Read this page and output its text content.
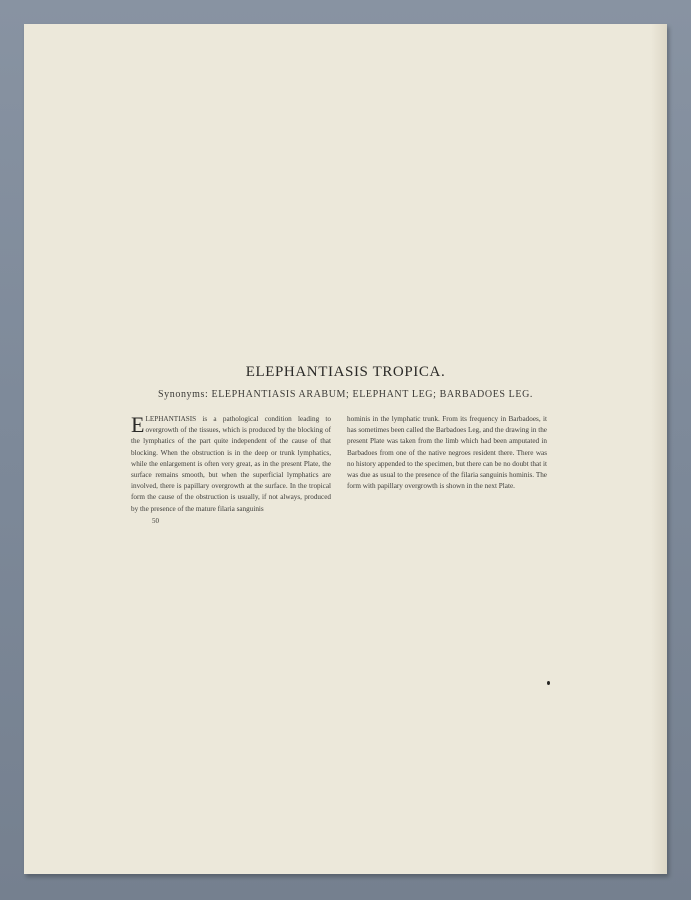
ELEPHANTIASIS TROPICA.
Synonyms: ELEPHANTIASIS ARABUM; ELEPHANT LEG; BARBADOES LEG.
ELEPHANTIASIS is a pathological condition leading to overgrowth of the tissues, which is produced by the blocking of the lymphatics of the part quite independent of the cause of that blocking. When the obstruction is in the deep or trunk lymphatics, while the enlargement is often very great, as in the present Plate, the surface remains smooth, but when the superficial lymphatics are involved, there is papillary overgrowth at the surface. In the tropical form the cause of the obstruction is usually, if not always, produced by the presence of the mature filaria sanguinis
hominis in the lymphatic trunk. From its frequency in Barbadoes, it has sometimes been called the Barbadoes Leg, and the drawing in the present Plate was taken from the limb which had been amputated in Barbadoes from one of the native negroes resident there. There was no history appended to the specimen, but there can be no doubt that it was due as usual to the presence of the filaria sanguinis hominis. The form with papillary overgrowth is shown in the next Plate.
50
